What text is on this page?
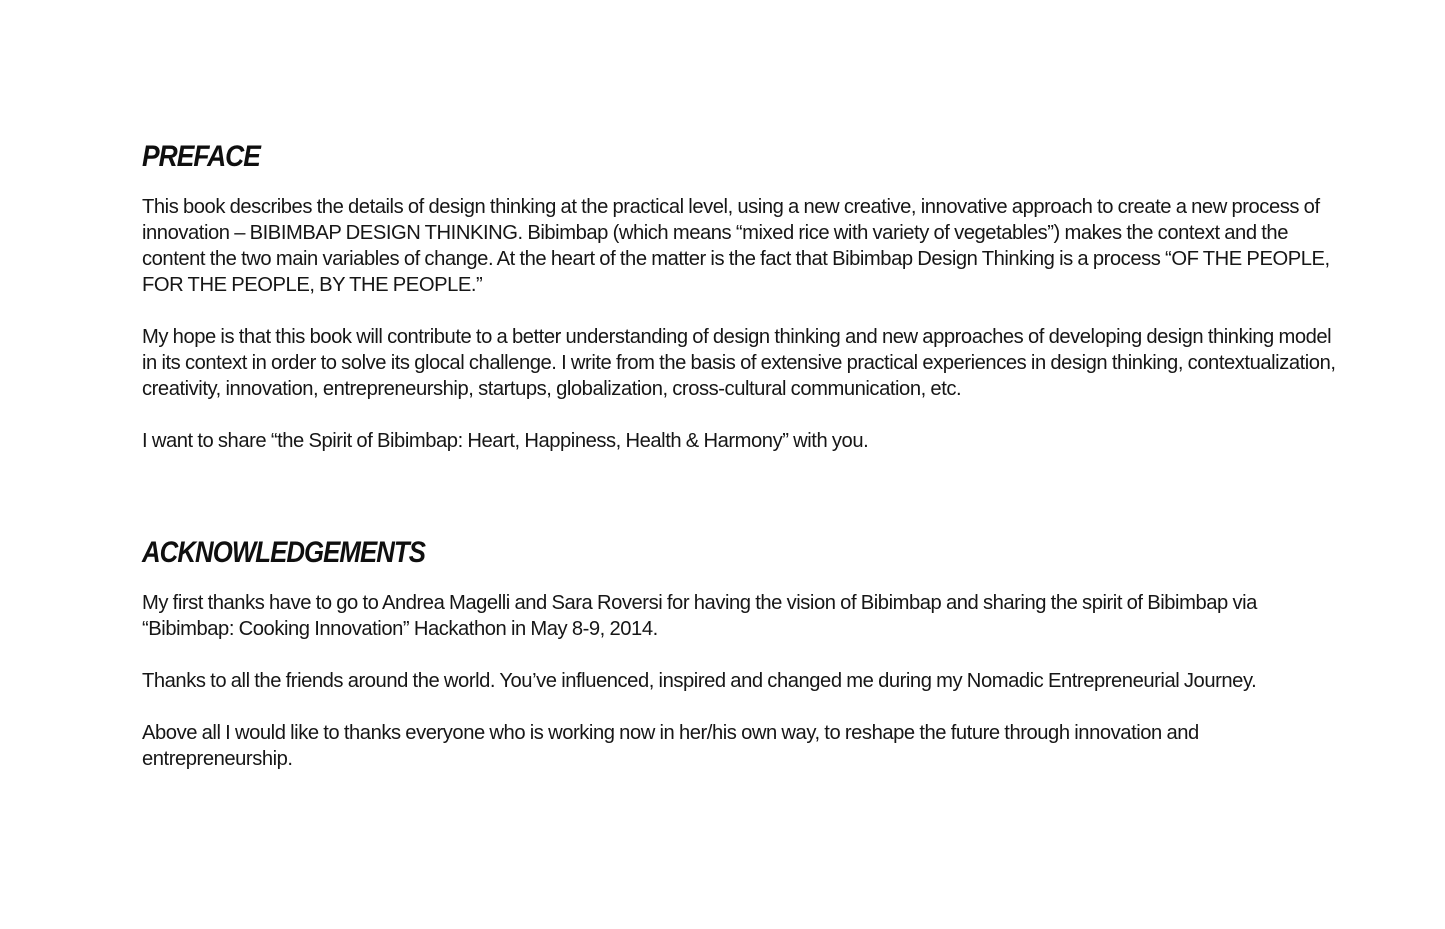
PREFACE

This book describes the details of design thinking at the practical level, using a new creative, innovative approach to create a new process of innovation – BIBIMBAP DESIGN THINKING. Bibimbap (which means “mixed rice with variety of vegetables”) makes the context and the content the two main variables of change. At the heart of the matter is the fact that Bibimbap Design Thinking is a process “OF THE PEOPLE, FOR THE PEOPLE, BY THE PEOPLE.”

My hope is that this book will contribute to a better understanding of design thinking and new approaches of developing design thinking model in its context in order to solve its glocal challenge. I write from the basis of extensive practical experiences in design thinking, contextualization, creativity, innovation, entrepreneurship, startups, globalization, cross-cultural communication, etc.

I want to share “the Spirit of Bibimbap: Heart, Happiness, Health & Harmony” with you.

ACKNOWLEDGEMENTS

My first thanks have to go to Andrea Magelli and Sara Roversi for having the vision of Bibimbap and sharing the spirit of Bibimbap via “Bibimbap: Cooking Innovation” Hackathon in May 8-9, 2014.

Thanks to all the friends around the world. You’ve influenced, inspired and changed me during my Nomadic Entrepreneurial Journey.

Above all I would like to thanks everyone who is working now in her/his own way, to reshape the future through innovation and entrepreneurship.
